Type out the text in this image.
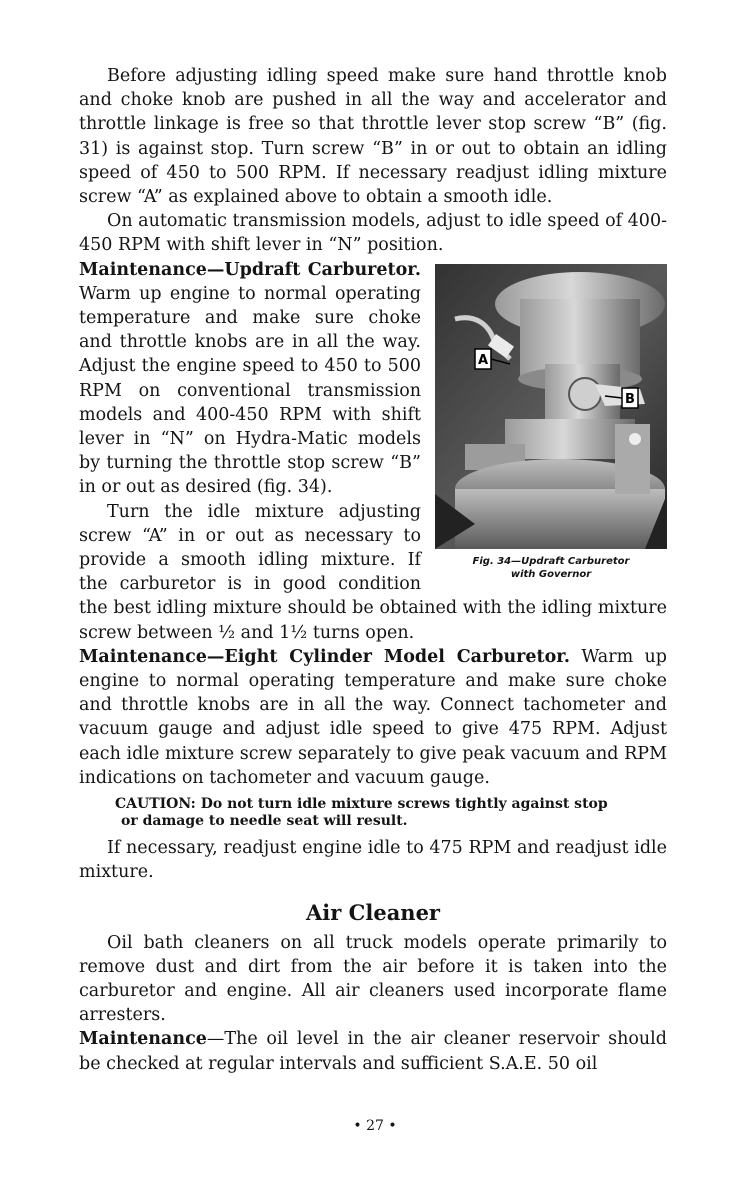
Before adjusting idling speed make sure hand throttle knob and choke knob are pushed in all the way and accelerator and throttle linkage is free so that throttle lever stop screw “B” (fig. 31) is against stop. Turn screw “B” in or out to obtain an idling speed of 450 to 500 RPM. If necessary readjust idling mixture screw “A” as explained above to obtain a smooth idle.

On automatic transmission models, adjust to idle speed of 400-450 RPM with shift lever in “N” position.

A
B
Fig. 34—Updraft Carburetor
with Governor

Maintenance—Updraft Carburetor. Warm up engine to normal operating temperature and make sure choke and throttle knobs are in all the way. Adjust the engine speed to 450 to 500 RPM on conventional transmission models and 400-450 RPM with shift lever in “N” on Hydra-Matic models by turning the throttle stop screw “B” in or out as desired (fig. 34).

Turn the idle mixture adjusting screw “A” in or out as necessary to provide a smooth idling mixture. If the carburetor is in good condition the best idling mixture should be obtained with the idling mixture screw between ½ and 1½ turns open.

Maintenance—Eight Cylinder Model Carburetor. Warm up engine to normal operating temperature and make sure choke and throttle knobs are in all the way. Connect tachometer and vacuum gauge and adjust idle speed to give 475 RPM. Adjust each idle mixture screw separately to give peak vacuum and RPM indications on tachometer and vacuum gauge.

CAUTION: Do not turn idle mixture screws tightly against stop
or damage to needle seat will result.

If necessary, readjust engine idle to 475 RPM and readjust idle mixture.

Air Cleaner

Oil bath cleaners on all truck models operate primarily to remove dust and dirt from the air before it is taken into the carburetor and engine. All air cleaners used incorporate flame arresters.

Maintenance—The oil level in the air cleaner reservoir should be checked at regular intervals and sufficient S.A.E. 50 oil

• 27 •
